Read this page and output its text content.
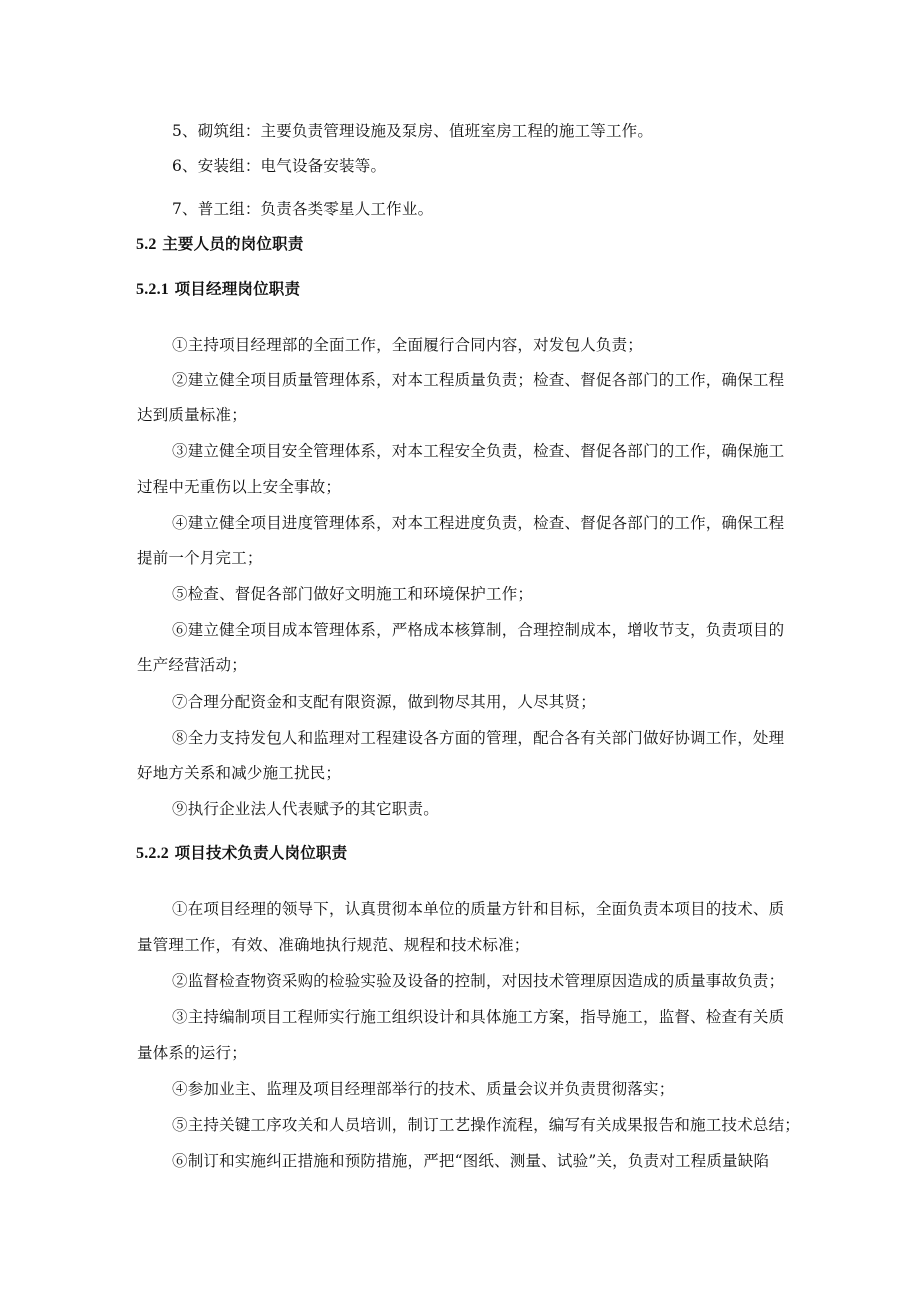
5、砌筑组：主要负责管理设施及泵房、值班室房工程的施工等工作。
6、安装组：电气设备安装等。
7、普工组：负责各类零星人工作业。
5.2 主要人员的岗位职责
5.2.1 项目经理岗位职责
①主持项目经理部的全面工作，全面履行合同内容，对发包人负责；
②建立健全项目质量管理体系，对本工程质量负责；检查、督促各部门的工作，确保工程
达到质量标准；
③建立健全项目安全管理体系，对本工程安全负责，检查、督促各部门的工作，确保施工
过程中无重伤以上安全事故；
④建立健全项目进度管理体系，对本工程进度负责，检查、督促各部门的工作，确保工程
提前一个月完工；
⑤检查、督促各部门做好文明施工和环境保护工作；
⑥建立健全项目成本管理体系，严格成本核算制，合理控制成本，增收节支，负责项目的
生产经营活动；
⑦合理分配资金和支配有限资源，做到物尽其用，人尽其贤；
⑧全力支持发包人和监理对工程建设各方面的管理，配合各有关部门做好协调工作，处理
好地方关系和减少施工扰民；
⑨执行企业法人代表赋予的其它职责。
5.2.2 项目技术负责人岗位职责
①在项目经理的领导下，认真贯彻本单位的质量方针和目标，全面负责本项目的技术、质
量管理工作，有效、准确地执行规范、规程和技术标准；
②监督检查物资采购的检验实验及设备的控制，对因技术管理原因造成的质量事故负责；
③主持编制项目工程师实行施工组织设计和具体施工方案，指导施工，监督、检查有关质
量体系的运行；
④参加业主、监理及项目经理部举行的技术、质量会议并负责贯彻落实；
⑤主持关键工序攻关和人员培训，制订工艺操作流程，编写有关成果报告和施工技术总结；
⑥制订和实施纠正措施和预防措施，严把“图纸、测量、试验”关，负责对工程质量缺陷
